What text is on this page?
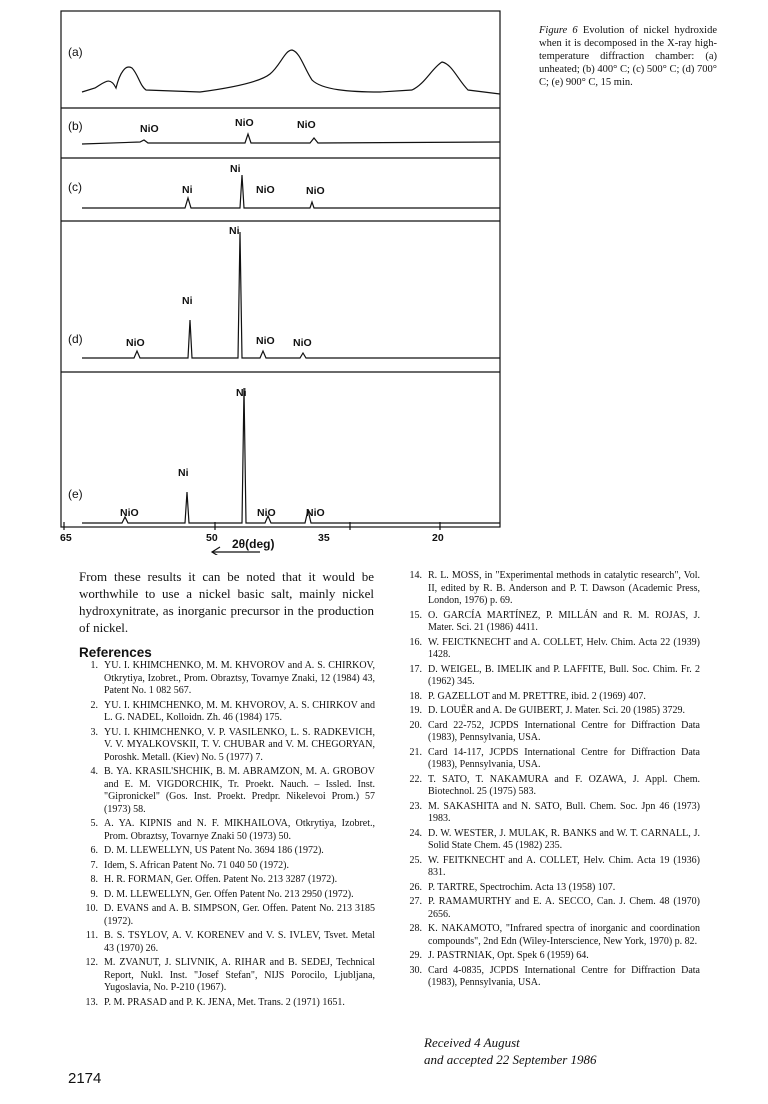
(a)
(b)
(c)
(d)
(e)
NiO	NiO	NiO
Ni
Ni
NiO	NiO
NiO
Ni
Ni
NiO NiO
NiO
Ni
Ni
NiO	NiO
65	50	35	20
2θ(deg)
Figure 6 Evolution of nickel hydroxide when it is decomposed in the X-ray high-temperature diffraction chamber: (a) unheated; (b) 400° C; (c) 500° C; (d) 700° C; (e) 900° C, 15 min.
From these results it can be noted that it would be worthwhile to use a nickel basic salt, mainly nickel hydroxynitrate, as inorganic precursor in the production of nickel.
References
1. YU. I. KHIMCHENKO, M. M. KHVOROV and A. S. CHIRKOV, Otkrytiya, Izobret., Prom. Obraztsy, Tovarnye Znaki, 12 (1984) 43, Patent No. 1 082 567.
2. YU. I. KHIMCHENKO, M. M. KHVOROV, A. S. CHIRKOV and L. G. NADEL, Kolloidn. Zh. 46 (1984) 175.
3. YU. I. KHIMCHENKO, V. P. VASILENKO, L. S. RADKEVICH, V. V. MYALKOVSKII, T. V. CHUBAR and V. M. CHEGORYAN, Poroshk. Metall. (Kiev) No. 5 (1977) 7.
4. B. YA. KRASIL'SHCHIK, B. M. ABRAMZON, M. A. GROBOV and E. M. VIGDORCHIK, Tr. Proekt. Nauch. – Issled. Inst. "Gipronickel" (Gos. Inst. Proekt. Predpr. Nikelevoi Prom.) 57 (1973) 58.
5. A. YA. KIPNIS and N. F. MIKHAILOVA, Otkrytiya, Izobret., Prom. Obraztsy, Tovarnye Znaki 50 (1973) 50.
6. D. M. LLEWELLYN, US Patent No. 3694 186 (1972).
7. Idem, S. African Patent No. 71 040 50 (1972).
8. H. R. FORMAN, Ger. Offen. Patent No. 213 3287 (1972).
9. D. M. LLEWELLYN, Ger. Offen Patent No. 213 2950 (1972).
10. D. EVANS and A. B. SIMPSON, Ger. Offen. Patent No. 213 3185 (1972).
11. B. S. TSYLOV, A. V. KORENEV and V. S. IVLEV, Tsvet. Metal 43 (1970) 26.
12. M. ZVANUT, J. SLIVNIK, A. RIHAR and B. SEDEJ, Technical Report, Nukl. Inst. "Josef Stefan", NIJS Porocilo, Ljubljana, Yugoslavia, No. P-210 (1967).
13. P. M. PRASAD and P. K. JENA, Met. Trans. 2 (1971) 1651.
14. R. L. MOSS, in "Experimental methods in catalytic research", Vol. II, edited by R. B. Anderson and P. T. Dawson (Academic Press, London, 1976) p. 69.
15. O. GARCÍA MARTÍNEZ, P. MILLÁN and R. M. ROJAS, J. Mater. Sci. 21 (1986) 4411.
16. W. FEICTKNECHT and A. COLLET, Helv. Chim. Acta 22 (1939) 1428.
17. D. WEIGEL, B. IMELIK and P. LAFFITE, Bull. Soc. Chim. Fr. 2 (1962) 345.
18. P. GAZELLOT and M. PRETTRE, ibid. 2 (1969) 407.
19. D. LOUËR and A. De GUIBERT, J. Mater. Sci. 20 (1985) 3729.
20. Card 22-752, JCPDS International Centre for Diffraction Data (1983), Pennsylvania, USA.
21. Card 14-117, JCPDS International Centre for Diffraction Data (1983), Pennsylvania, USA.
22. T. SATO, T. NAKAMURA and F. OZAWA, J. Appl. Chem. Biotechnol. 25 (1975) 583.
23. M. SAKASHITA and N. SATO, Bull. Chem. Soc. Jpn 46 (1973) 1983.
24. D. W. WESTER, J. MULAK, R. BANKS and W. T. CARNALL, J. Solid State Chem. 45 (1982) 235.
25. W. FEITKNECHT and A. COLLET, Helv. Chim. Acta 19 (1936) 831.
26. P. TARTRE, Spectrochim. Acta 13 (1958) 107.
27. P. RAMAMURTHY and E. A. SECCO, Can. J. Chem. 48 (1970) 2656.
28. K. NAKAMOTO, "Infrared spectra of inorganic and coordination compounds", 2nd Edn (Wiley-Interscience, New York, 1970) p. 82.
29. J. PASTRNIAK, Opt. Spek 6 (1959) 64.
30. Card 4-0835, JCPDS International Centre for Diffraction Data (1983), Pennsylvania, USA.
Received 4 August
and accepted 22 September 1986
2174
